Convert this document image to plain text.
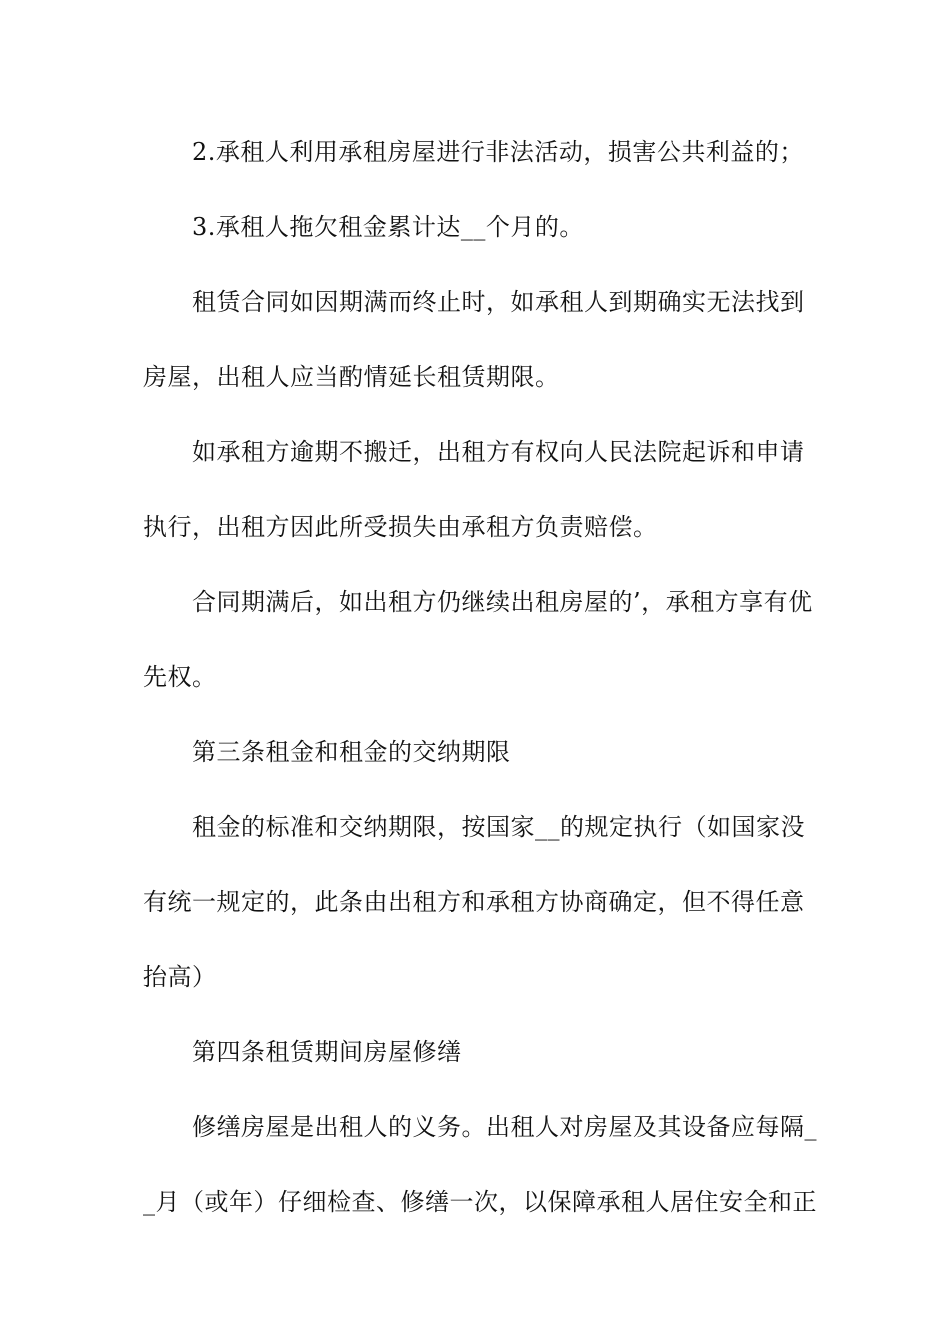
2.承租人利用承租房屋进行非法活动，损害公共利益的；
3.承租人拖欠租金累计达__个月的。
租赁合同如因期满而终止时，如承租人到期确实无法找到
房屋，出租人应当酌情延长租赁期限。
如承租方逾期不搬迁，出租方有权向人民法院起诉和申请
执行，出租方因此所受损失由承租方负责赔偿。
合同期满后，如出租方仍继续出租房屋的’，承租方享有优
先权。
第三条租金和租金的交纳期限
租金的标准和交纳期限，按国家__的规定执行（如国家没
有统一规定的，此条由出租方和承租方协商确定，但不得任意
抬高）
第四条租赁期间房屋修缮
修缮房屋是出租人的义务。出租人对房屋及其设备应每隔_
_月（或年）仔细检查、修缮一次，以保障承租人居住安全和正
